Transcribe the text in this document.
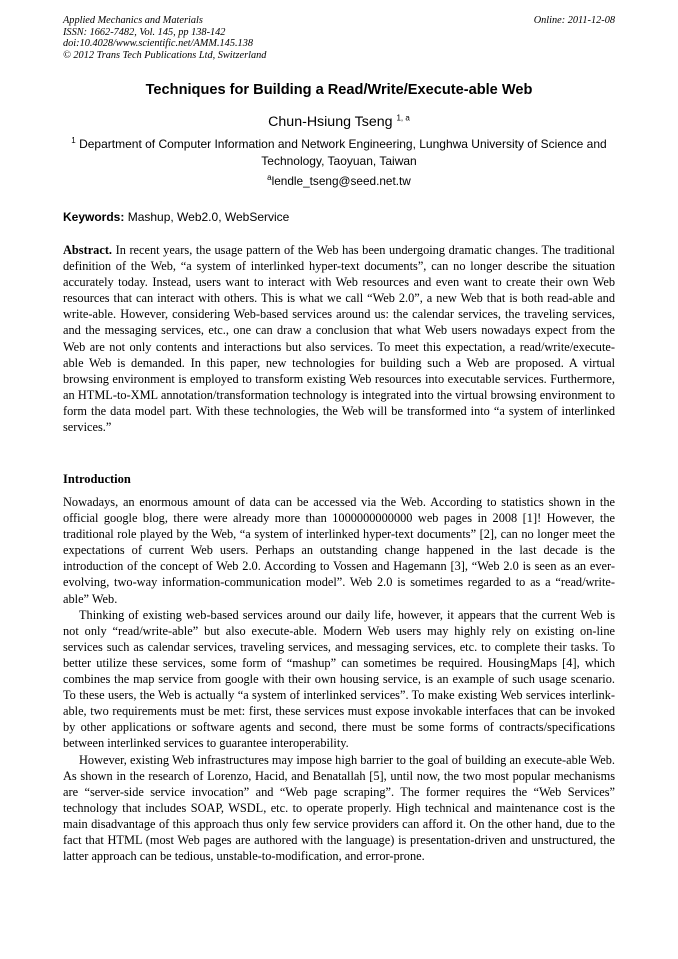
Applied Mechanics and Materials
ISSN: 1662-7482, Vol. 145, pp 138-142
doi:10.4028/www.scientific.net/AMM.145.138
© 2012 Trans Tech Publications Ltd, Switzerland
Online: 2011-12-08
Techniques for Building a Read/Write/Execute-able Web
Chun-Hsiung Tseng $^{1, a}$
$^1$ Department of Computer Information and Network Engineering, Lunghwa University of Science and Technology, Taoyuan, Taiwan
$^a$lendle_tseng@seed.net.tw
Keywords: Mashup, Web2.0, WebService
Abstract. In recent years, the usage pattern of the Web has been undergoing dramatic changes. The traditional definition of the Web, “a system of interlinked hyper-text documents”, can no longer describe the situation accurately today. Instead, users want to interact with Web resources and even want to create their own Web resources that can interact with others. This is what we call “Web 2.0”, a new Web that is both read-able and write-able. However, considering Web-based services around us: the calendar services, the traveling services, and the messaging services, etc., one can draw a conclusion that what Web users nowadays expect from the Web are not only contents and interactions but also services. To meet this expectation, a read/write/execute-able Web is demanded. In this paper, new technologies for building such a Web are proposed. A virtual browsing environment is employed to transform existing Web resources into executable services. Furthermore, an HTML-to-XML annotation/transformation technology is integrated into the virtual browsing environment to form the data model part. With these technologies, the Web will be transformed into “a system of interlinked services.”
Introduction

Nowadays, an enormous amount of data can be accessed via the Web. According to statistics shown in the official google blog, there were already more than 1000000000000 web pages in 2008 [1]! However, the traditional role played by the Web, “a system of interlinked hyper-text documents” [2], can no longer meet the expectations of current Web users. Perhaps an outstanding change happened in the last decade is the introduction of the concept of Web 2.0. According to Vossen and Hagemann [3], “Web 2.0 is seen as an ever-evolving, two-way information-communication model”. Web 2.0 is sometimes regarded to as a “read/write-able” Web.

Thinking of existing web-based services around our daily life, however, it appears that the current Web is not only “read/write-able” but also execute-able. Modern Web users may highly rely on existing on-line services such as calendar services, traveling services, and messaging services, etc. to complete their tasks. To better utilize these services, some form of “mashup” can sometimes be required. HousingMaps [4], which combines the map service from google with their own housing service, is an example of such usage scenario. To these users, the Web is actually “a system of interlinked services”. To make existing Web services interlink-able, two requirements must be met: first, these services must expose invokable interfaces that can be invoked by other applications or software agents and second, there must be some forms of contracts/specifications between interlinked services to guarantee interoperability.

However, existing Web infrastructures may impose high barrier to the goal of building an execute-able Web. As shown in the research of Lorenzo, Hacid, and Benatallah [5], until now, the two most popular mechanisms are “server-side service invocation” and “Web page scraping”. The former requires the “Web Services” technology that includes SOAP, WSDL, etc. to operate properly. High technical and maintenance cost is the main disadvantage of this approach thus only few service providers can afford it. On the other hand, due to the fact that HTML (most Web pages are authored with the language) is presentation-driven and unstructured, the latter approach can be tedious, unstable-to-modification, and error-prone.
